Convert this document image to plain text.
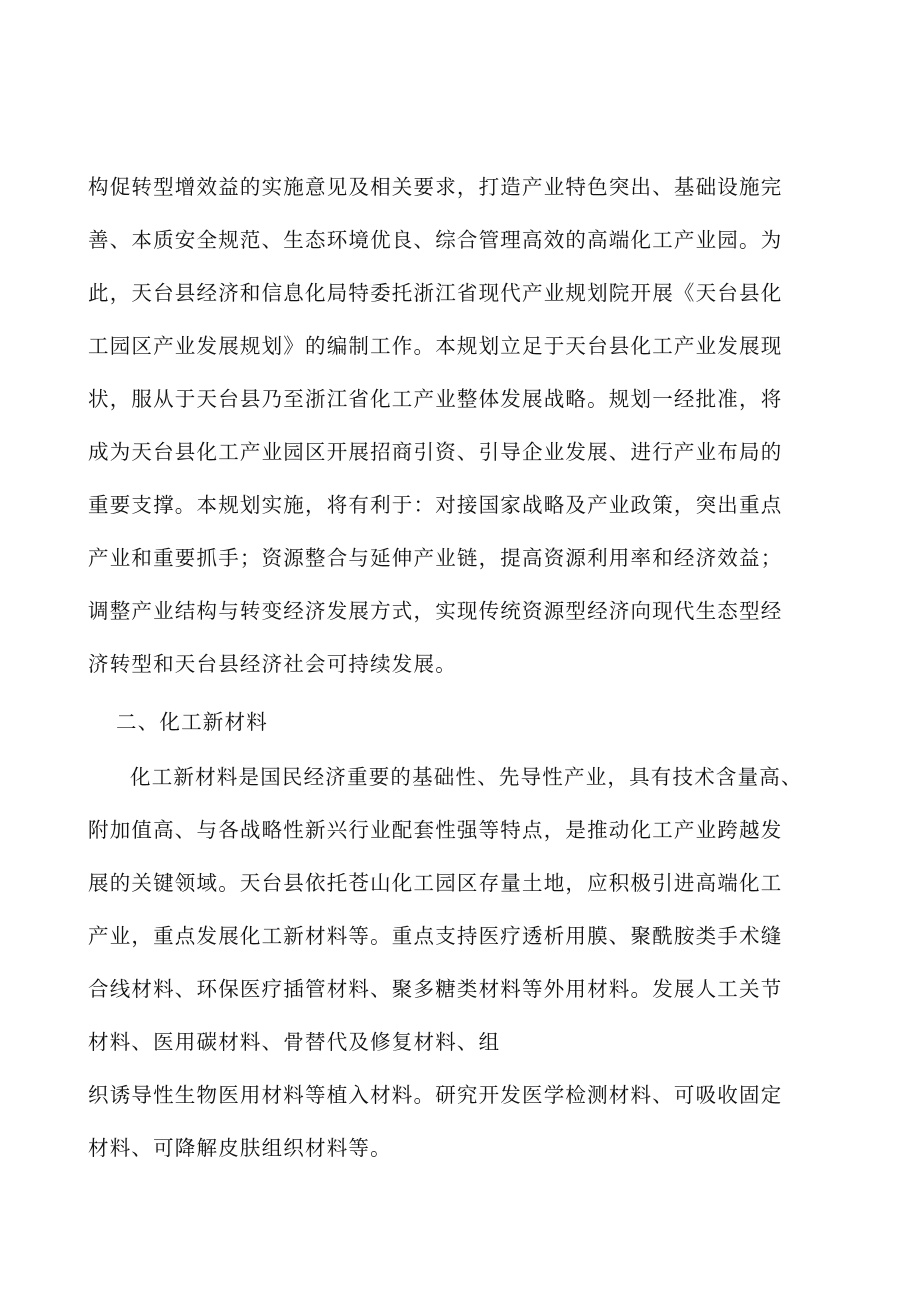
构促转型增效益的实施意见及相关要求，打造产业特色突出、基础设施完
善、本质安全规范、生态环境优良、综合管理高效的高端化工产业园。为
此，天台县经济和信息化局特委托浙江省现代产业规划院开展《天台县化
工园区产业发展规划》的编制工作。本规划立足于天台县化工产业发展现
状，服从于天台县乃至浙江省化工产业整体发展战略。规划一经批准，将
成为天台县化工产业园区开展招商引资、引导企业发展、进行产业布局的
重要支撑。本规划实施，将有利于：对接国家战略及产业政策，突出重点
产业和重要抓手；资源整合与延伸产业链，提高资源利用率和经济效益；
调整产业结构与转变经济发展方式，实现传统资源型经济向现代生态型经
济转型和天台县经济社会可持续发展。
二、化工新材料
化工新材料是国民经济重要的基础性、先导性产业，具有技术含量高、
附加值高、与各战略性新兴行业配套性强等特点，是推动化工产业跨越发
展的关键领域。天台县依托苍山化工园区存量土地，应积极引进高端化工
产业，重点发展化工新材料等。重点支持医疗透析用膜、聚酰胺类手术缝
合线材料、环保医疗插管材料、聚多糖类材料等外用材料。发展人工关节
材料、医用碳材料、骨替代及修复材料、组
织诱导性生物医用材料等植入材料。研究开发医学检测材料、可吸收固定
材料、可降解皮肤组织材料等。
